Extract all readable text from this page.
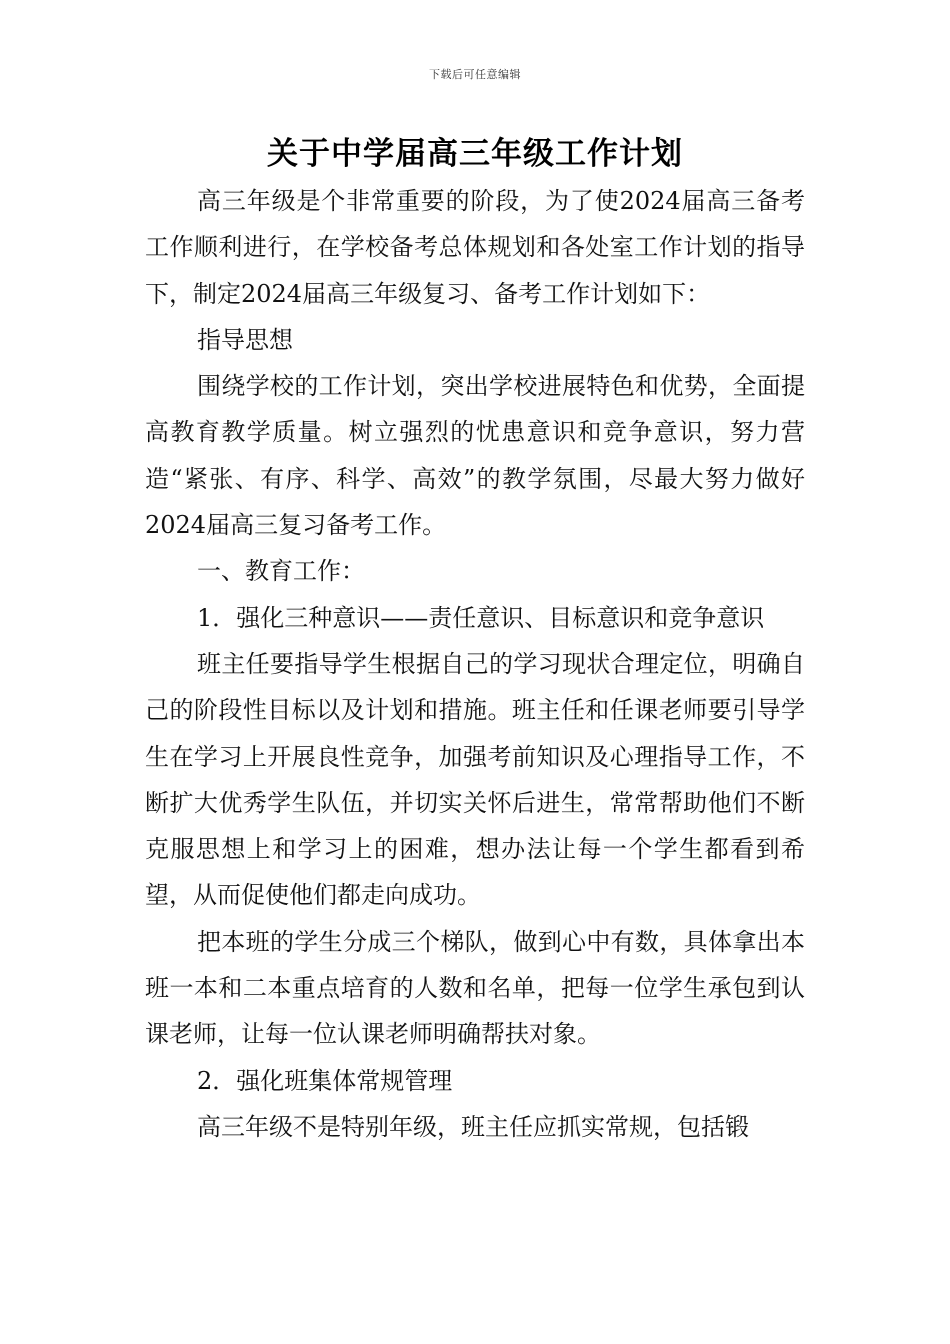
下载后可任意编辑
关于中学届高三年级工作计划

高三年级是个非常重要的阶段，为了使2024届高三备考工作顺利进行，在学校备考总体规划和各处室工作计划的指导下，制定2024届高三年级复习、备考工作计划如下：

指导思想

围绕学校的工作计划，突出学校进展特色和优势，全面提高教育教学质量。树立强烈的忧患意识和竞争意识，努力营造“紧张、有序、科学、高效”的教学氛围，尽最大努力做好2024届高三复习备考工作。

一、教育工作：

1．强化三种意识——责任意识、目标意识和竞争意识

班主任要指导学生根据自己的学习现状合理定位，明确自己的阶段性目标以及计划和措施。班主任和任课老师要引导学生在学习上开展良性竞争，加强考前知识及心理指导工作，不断扩大优秀学生队伍，并切实关怀后进生，常常帮助他们不断克服思想上和学习上的困难，想办法让每一个学生都看到希望，从而促使他们都走向成功。

把本班的学生分成三个梯队，做到心中有数，具体拿出本班一本和二本重点培育的人数和名单，把每一位学生承包到认课老师，让每一位认课老师明确帮扶对象。

2．强化班集体常规管理

高三年级不是特别年级，班主任应抓实常规，包括锻
